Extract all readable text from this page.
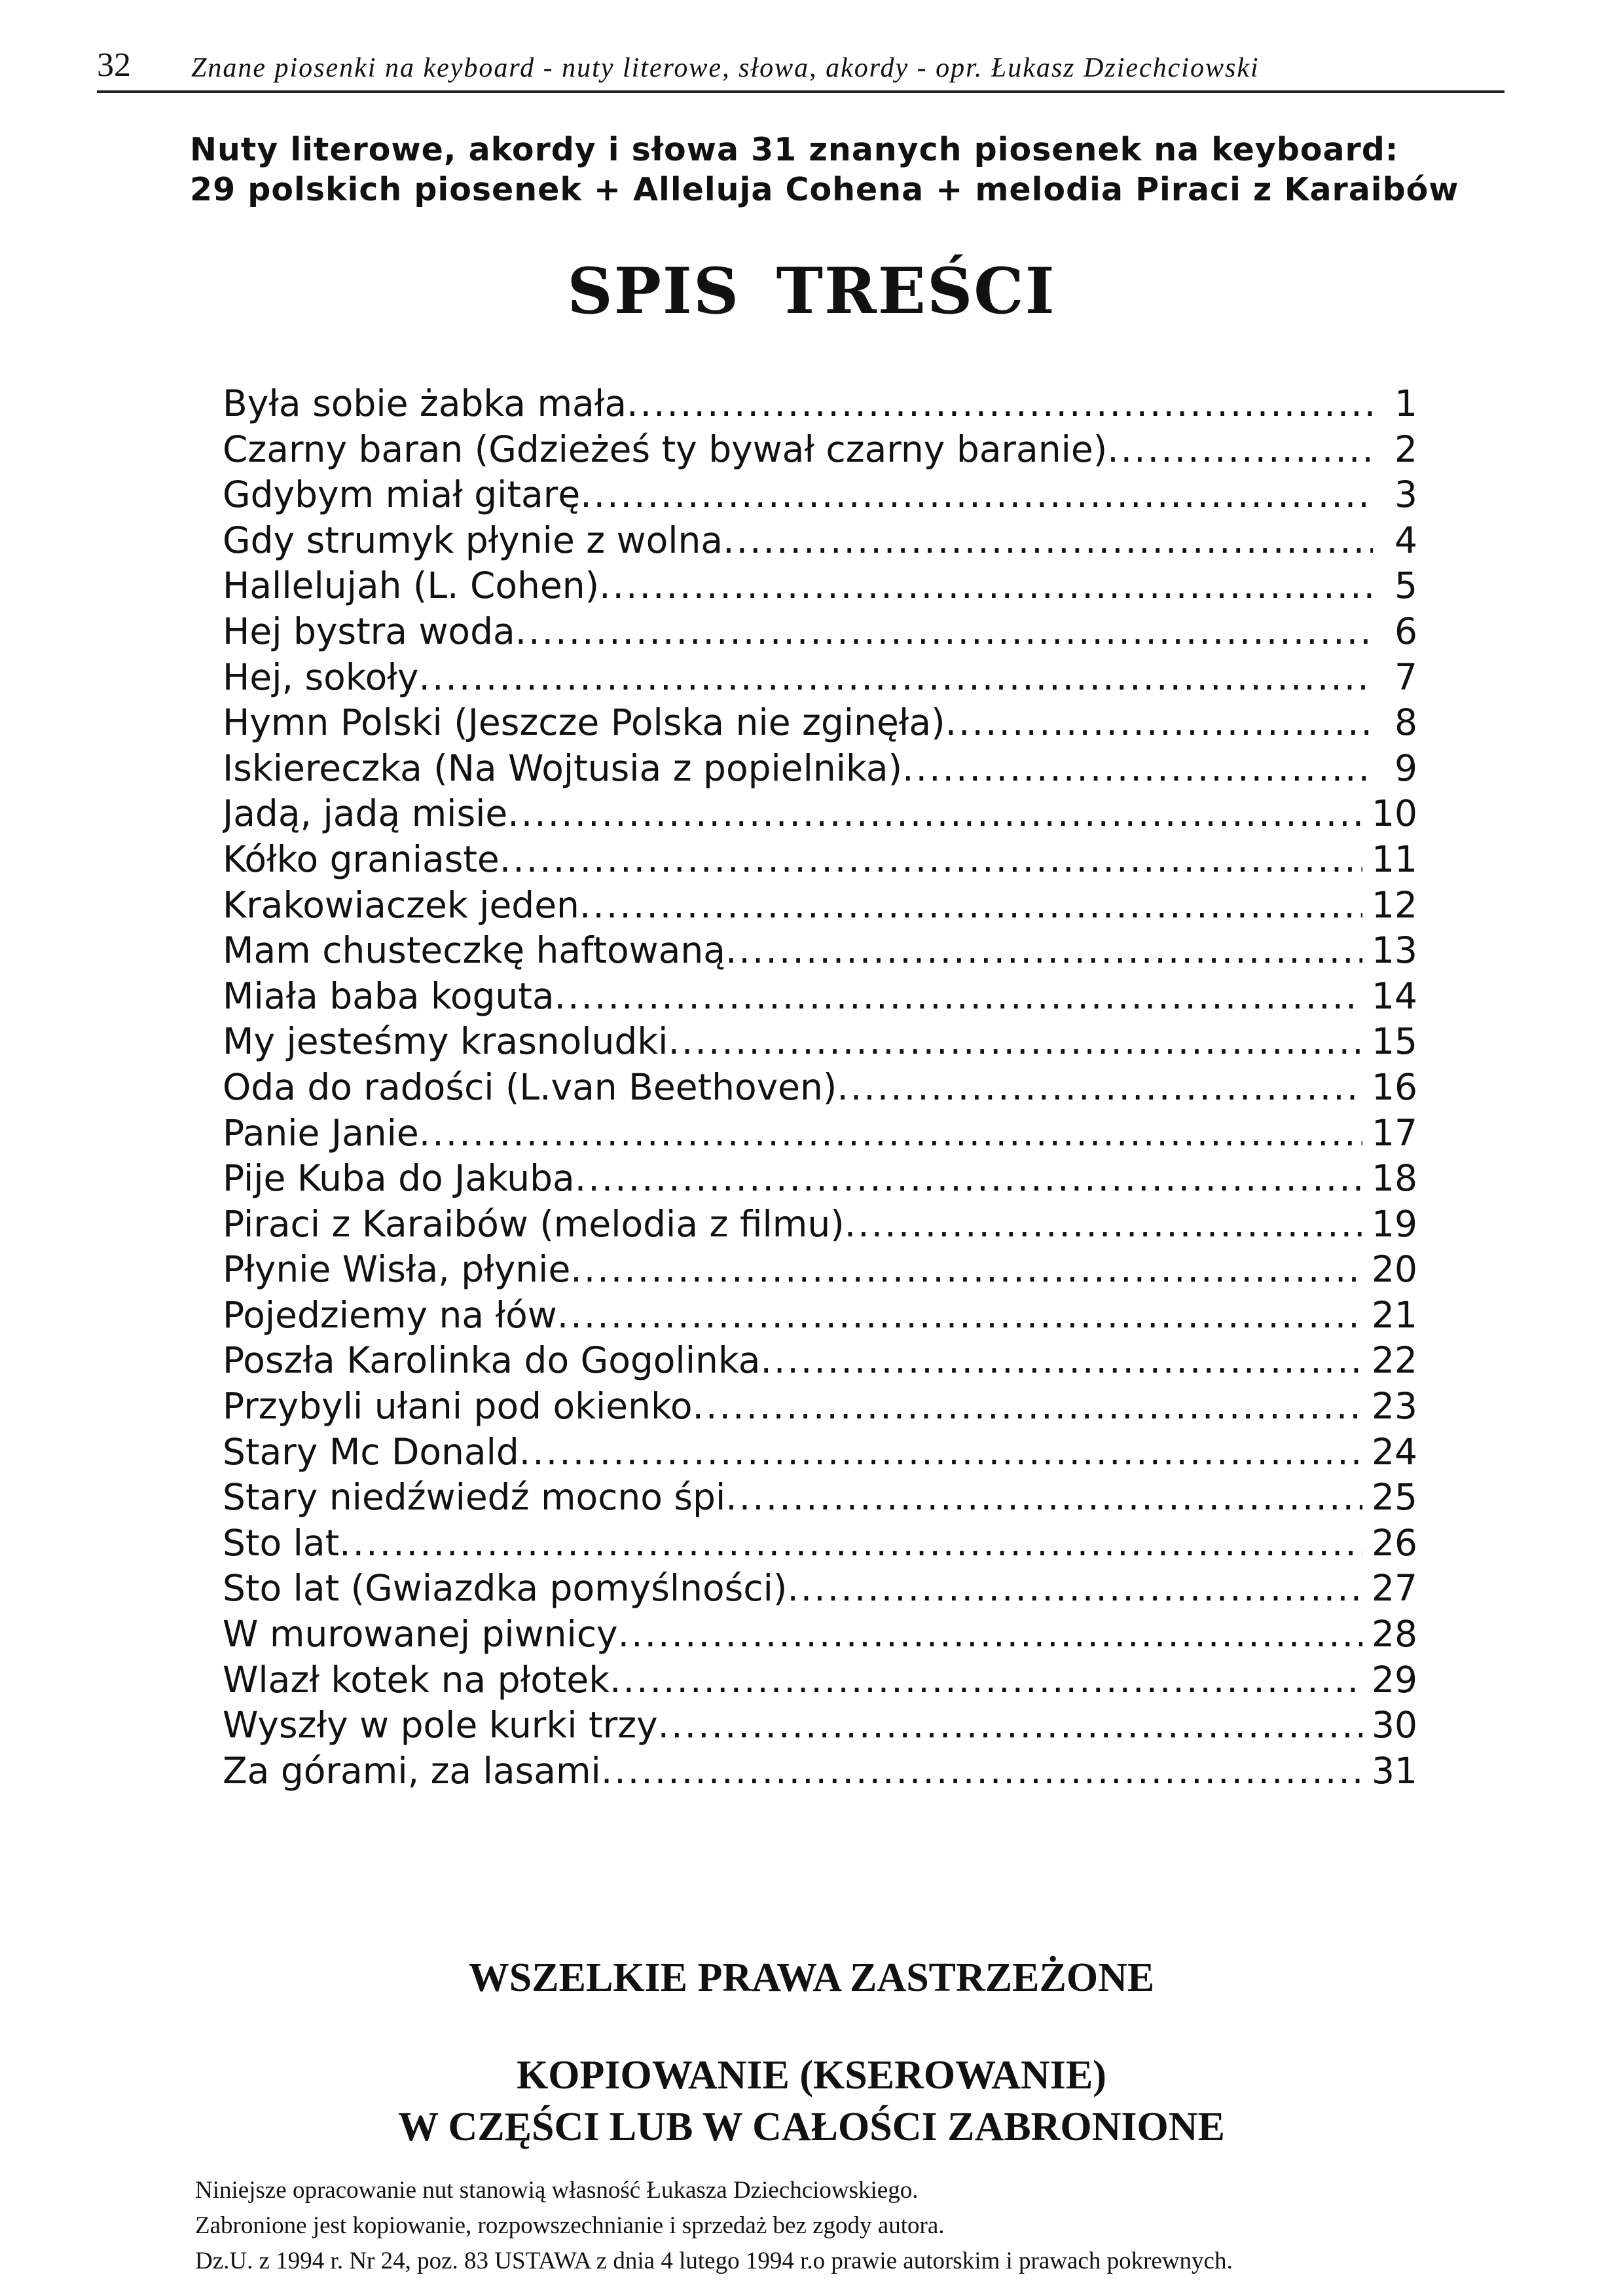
32 Znane piosenki na keyboard - nuty literowe, słowa, akordy - opr. Łukasz Dziechciowski
Nuty literowe, akordy i słowa 31 znanych piosenek na keyboard:
29 polskich piosenek + Alleluja Cohena + melodia Piraci z Karaibów
SPIS TREŚCI
Była sobie żabka mała .....	1
Czarny baran (Gdzieżeś ty bywał czarny baranie) .....	2
Gdybym miał gitarę .....	3
Gdy strumyk płynie z wolna .....	4
Hallelujah (L. Cohen) .....	5
Hej bystra woda .....	6
Hej, sokoły .....	7
Hymn Polski (Jeszcze Polska nie zginęła) .....	8
Iskiereczka (Na Wojtusia z popielnika) .....	9
Jadą, jadą misie .....	10
Kółko graniaste .....	11
Krakowiaczek jeden .....	12
Mam chusteczkę haftowaną .....	13
Miała baba koguta .....	14
My jesteśmy krasnoludki .....	15
Oda do radości (L.van Beethoven) .....	16
Panie Janie .....	17
Pije Kuba do Jakuba .....	18
Piraci z Karaibów (melodia z filmu) .....	19
Płynie Wisła, płynie .....	20
Pojedziemy na łów .....	21
Poszła Karolinka do Gogolinka .....	22
Przybyli ułani pod okienko .....	23
Stary Mc Donald .....	24
Stary niedźwiedź mocno śpi .....	25
Sto lat .....	26
Sto lat (Gwiazdka pomyślności) .....	27
W murowanej piwnicy .....	28
Wlazł kotek na płotek .....	29
Wyszły w pole kurki trzy .....	30
Za górami, za lasami .....	31
WSZELKIE PRAWA ZASTRZEŻONE
KOPIOWANIE (KSEROWANIE)
W CZĘŚCI LUB W CAŁOŚCI ZABRONIONE
Niniejsze opracowanie nut stanowią własność Łukasza Dziechciowskiego.
Zabronione jest kopiowanie, rozpowszechnianie i sprzedaż bez zgody autora.
Dz.U. z 1994 r. Nr 24, poz. 83 USTAWA z dnia 4 lutego 1994 r.o prawie autorskim i prawach pokrewnych.
